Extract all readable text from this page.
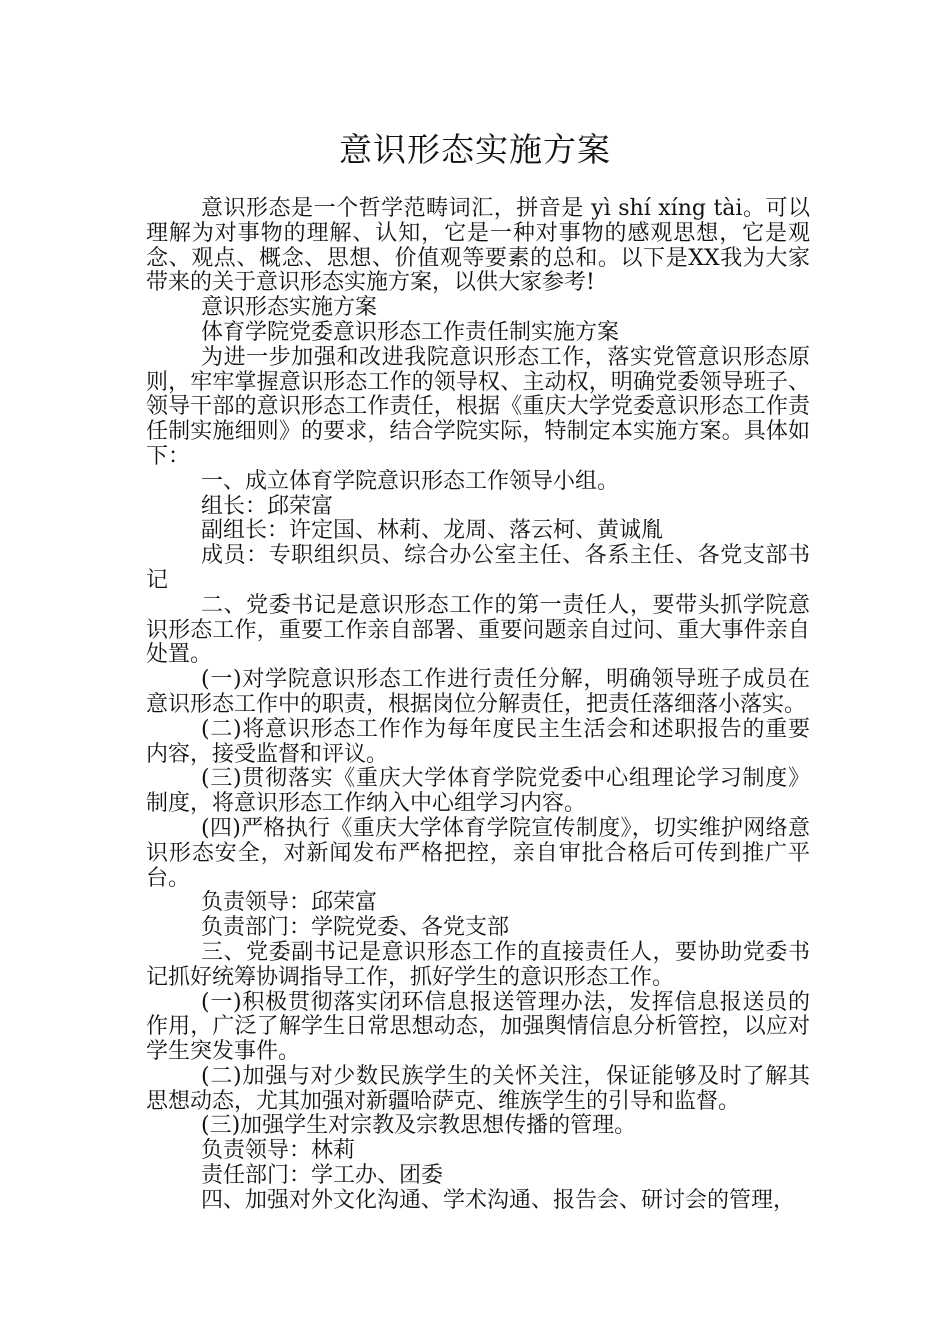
意识形态实施方案

意识形态是一个哲学范畴词汇，拼音是 yì shí xíng tài。可以理解为对事物的理解、认知，它是一种对事物的感观思想，它是观念、观点、概念、思想、价值观等要素的总和。以下是XX我为大家带来的关于意识形态实施方案，以供大家参考!

意识形态实施方案

体育学院党委意识形态工作责任制实施方案

为进一步加强和改进我院意识形态工作，落实党管意识形态原则，牢牢掌握意识形态工作的领导权、主动权，明确党委领导班子、领导干部的意识形态工作责任，根据《重庆大学党委意识形态工作责任制实施细则》的要求，结合学院实际，特制定本实施方案。具体如下：

一、成立体育学院意识形态工作领导小组。

组长：邱荣富

副组长：许定国、林莉、龙周、落云柯、黄诚胤

成员：专职组织员、综合办公室主任、各系主任、各党支部书记

二、党委书记是意识形态工作的第一责任人，要带头抓学院意识形态工作，重要工作亲自部署、重要问题亲自过问、重大事件亲自处置。

(一)对学院意识形态工作进行责任分解，明确领导班子成员在意识形态工作中的职责，根据岗位分解责任，把责任落细落小落实。

(二)将意识形态工作作为每年度民主生活会和述职报告的重要内容，接受监督和评议。

(三)贯彻落实《重庆大学体育学院党委中心组理论学习制度》制度，将意识形态工作纳入中心组学习内容。

(四)严格执行《重庆大学体育学院宣传制度》，切实维护网络意识形态安全，对新闻发布严格把控，亲自审批合格后可传到推广平台。

负责领导：邱荣富

负责部门：学院党委、各党支部

三、党委副书记是意识形态工作的直接责任人，要协助党委书记抓好统筹协调指导工作，抓好学生的意识形态工作。

(一)积极贯彻落实闭环信息报送管理办法，发挥信息报送员的作用，广泛了解学生日常思想动态，加强舆情信息分析管控，以应对学生突发事件。

(二)加强与对少数民族学生的关怀关注，保证能够及时了解其思想动态，尤其加强对新疆哈萨克、维族学生的引导和监督。

(三)加强学生对宗教及宗教思想传播的管理。

负责领导：林莉

责任部门：学工办、团委

四、加强对外文化沟通、学术沟通、报告会、研讨会的管理，
